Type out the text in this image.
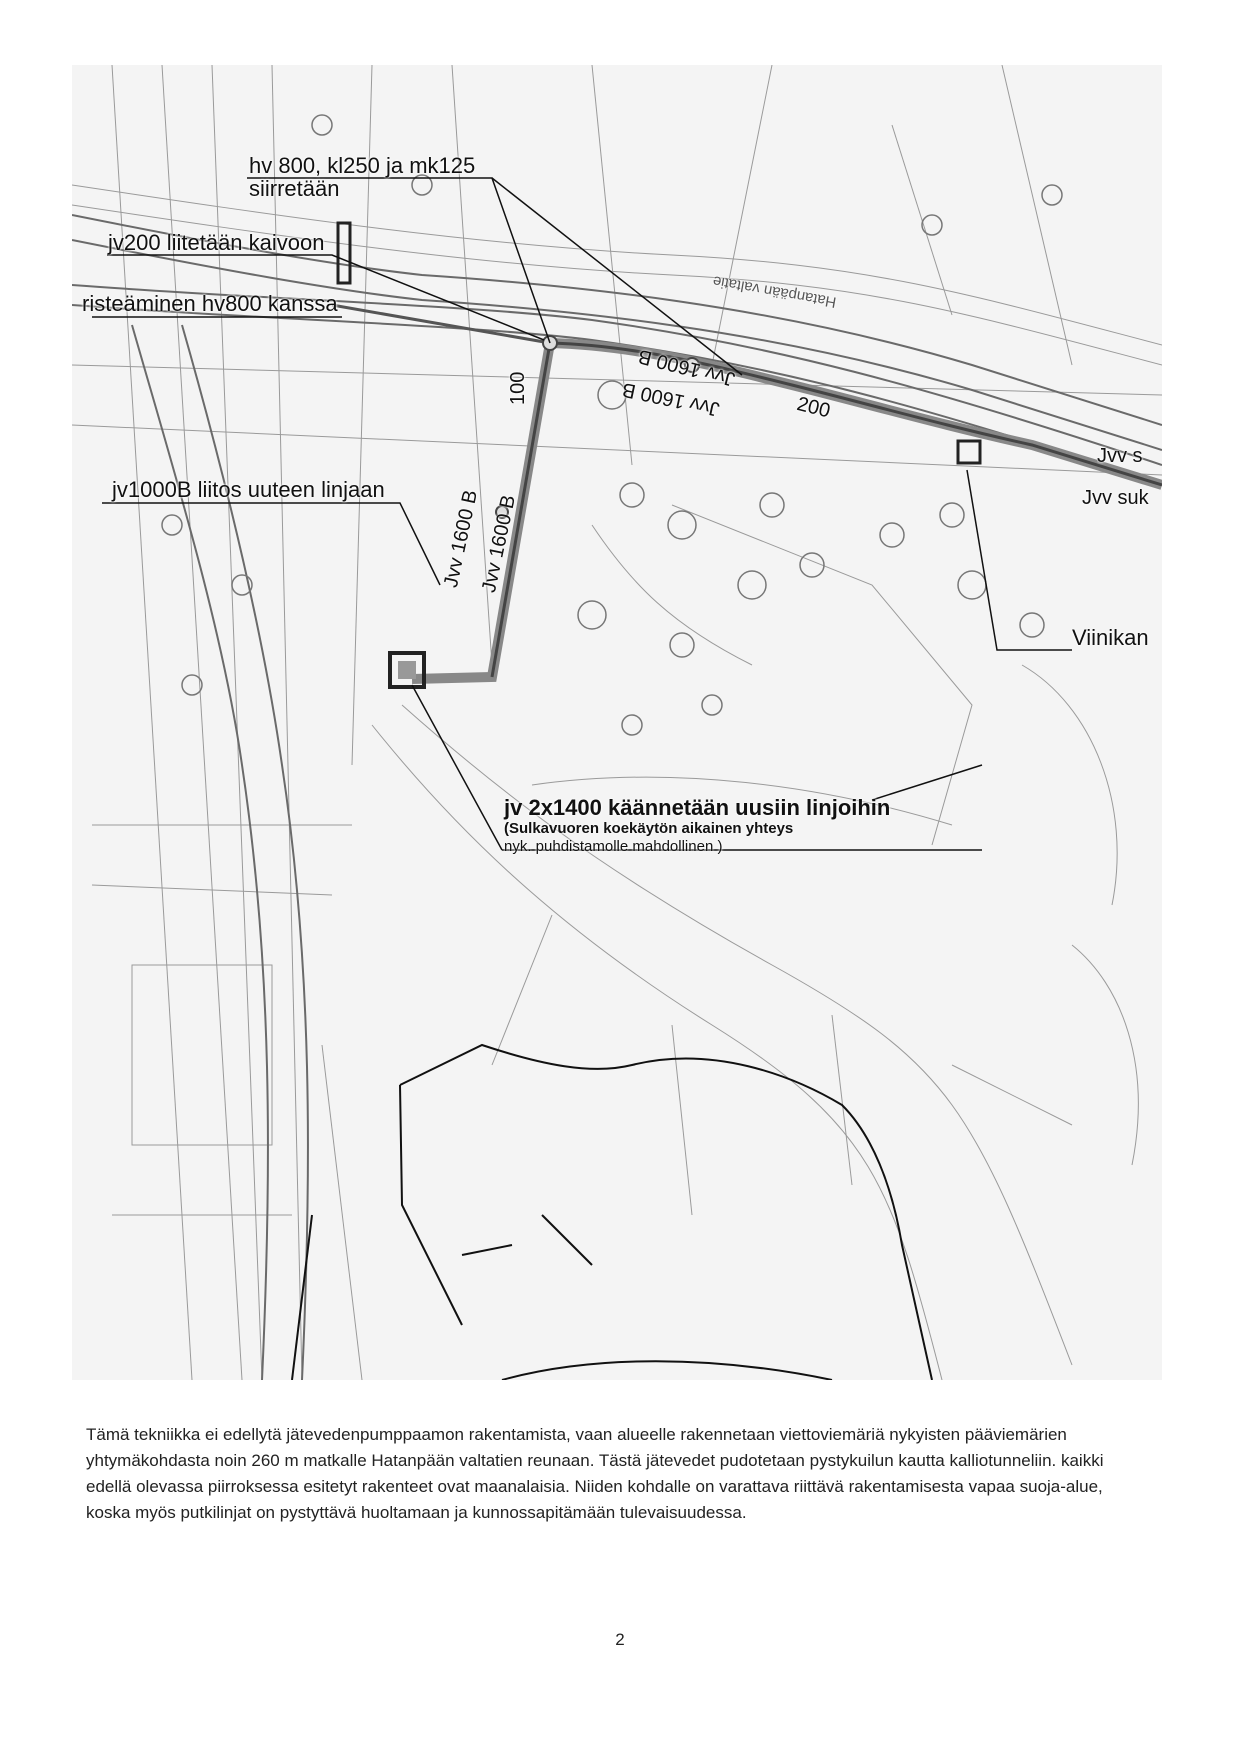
hv 800, kl250 ja mk125
siirretään
jv200 liitetään kaivoon
risteäminen hv800 kanssa
jv1000B liitos uuteen linjaan
Viinikan
jv 2x1400 käännetään uusiin linjoihin
(Sulkavuoren koekäytön aikainen yhteys
nyk. puhdistamolle mahdollinen )
Jvv 1600 B
Jvv 1600 B
100	Jvv 1600 B
Jvv 1600 B	200
Jvv s
Jvv suk
Hatanpään valtatie
Tämä tekniikka ei edellytä jätevedenpumppaamon rakentamista, vaan alueelle rakennetaan viettoviemäriä nykyisten pääviemärien yhtymäkohdasta noin 260 m matkalle Hatanpään valtatien reunaan. Tästä jätevedet pudotetaan pystykuilun kautta kalliotunneliin. kaikki edellä olevassa piirroksessa esitetyt rakenteet ovat maanalaisia. Niiden kohdalle on varattava riittävä rakentamisesta vapaa suoja-alue, koska myös putkilinjat on pystyttävä huoltamaan ja kunnossapitämään tulevaisuudessa.
2
